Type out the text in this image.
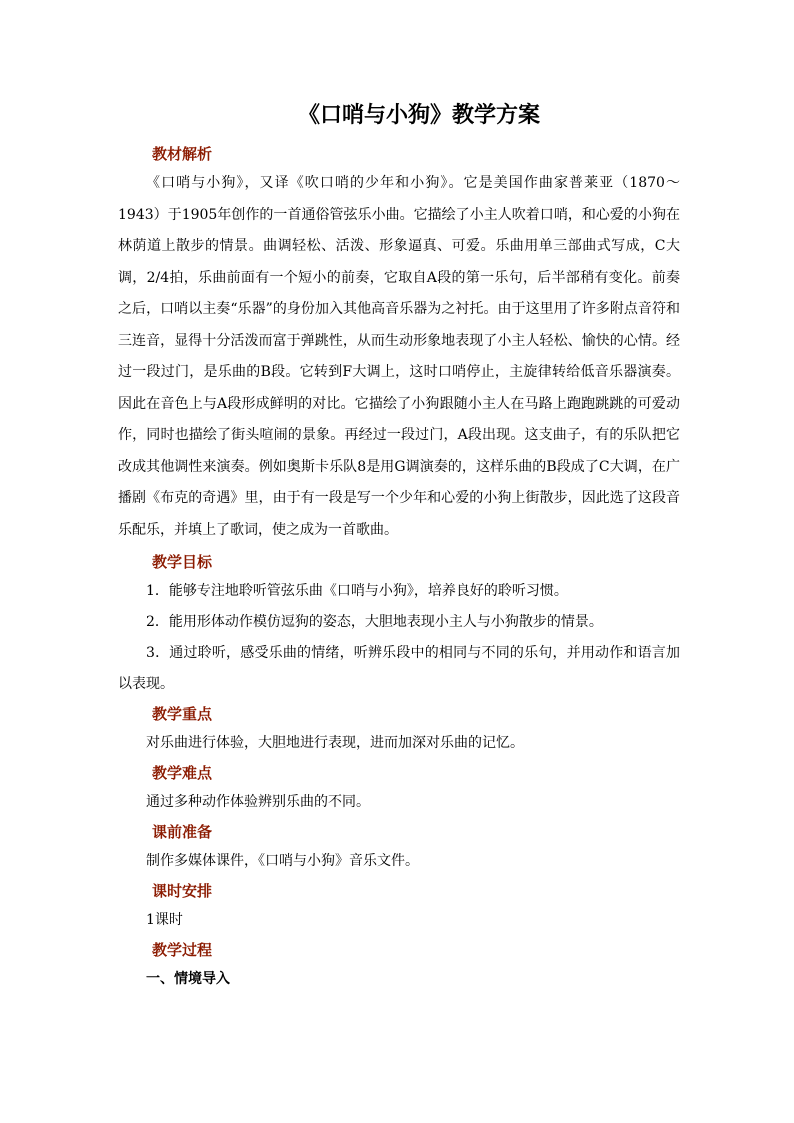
《口哨与小狗》教学方案
教材解析

《口哨与小狗》，又译《吹口哨的少年和小狗》。它是美国作曲家普莱亚（1870～1943）于1905年创作的一首通俗管弦乐小曲。它描绘了小主人吹着口哨，和心爱的小狗在林荫道上散步的情景。曲调轻松、活泼、形象逼真、可爱。乐曲用单三部曲式写成，C大调，2/4拍，乐曲前面有一个短小的前奏，它取自A段的第一乐句，后半部稍有变化。前奏之后，口哨以主奏“乐器”的身份加入其他高音乐器为之衬托。由于这里用了许多附点音符和三连音，显得十分活泼而富于弹跳性，从而生动形象地表现了小主人轻松、愉快的心情。经过一段过门，是乐曲的B段。它转到F大调上，这时口哨停止，主旋律转给低音乐器演奏。因此在音色上与A段形成鲜明的对比。它描绘了小狗跟随小主人在马路上跑跑跳跳的可爱动作，同时也描绘了街头喧闹的景象。再经过一段过门，A段出现。这支曲子，有的乐队把它改成其他调性来演奏。例如奥斯卡乐队8是用G调演奏的，这样乐曲的B段成了C大调，在广播剧《布克的奇遇》里，由于有一段是写一个少年和心爱的小狗上街散步，因此选了这段音乐配乐，并填上了歌词，使之成为一首歌曲。

教学目标

1．能够专注地聆听管弦乐曲《口哨与小狗》，培养良好的聆听习惯。

2．能用形体动作模仿逗狗的姿态，大胆地表现小主人与小狗散步的情景。

3．通过聆听，感受乐曲的情绪，听辨乐段中的相同与不同的乐句，并用动作和语言加以表现。

教学重点

对乐曲进行体验，大胆地进行表现，进而加深对乐曲的记忆。

教学难点

通过多种动作体验辨别乐曲的不同。

课前准备

制作多媒体课件，《口哨与小狗》音乐文件。

课时安排

1课时

教学过程

一、情境导入
